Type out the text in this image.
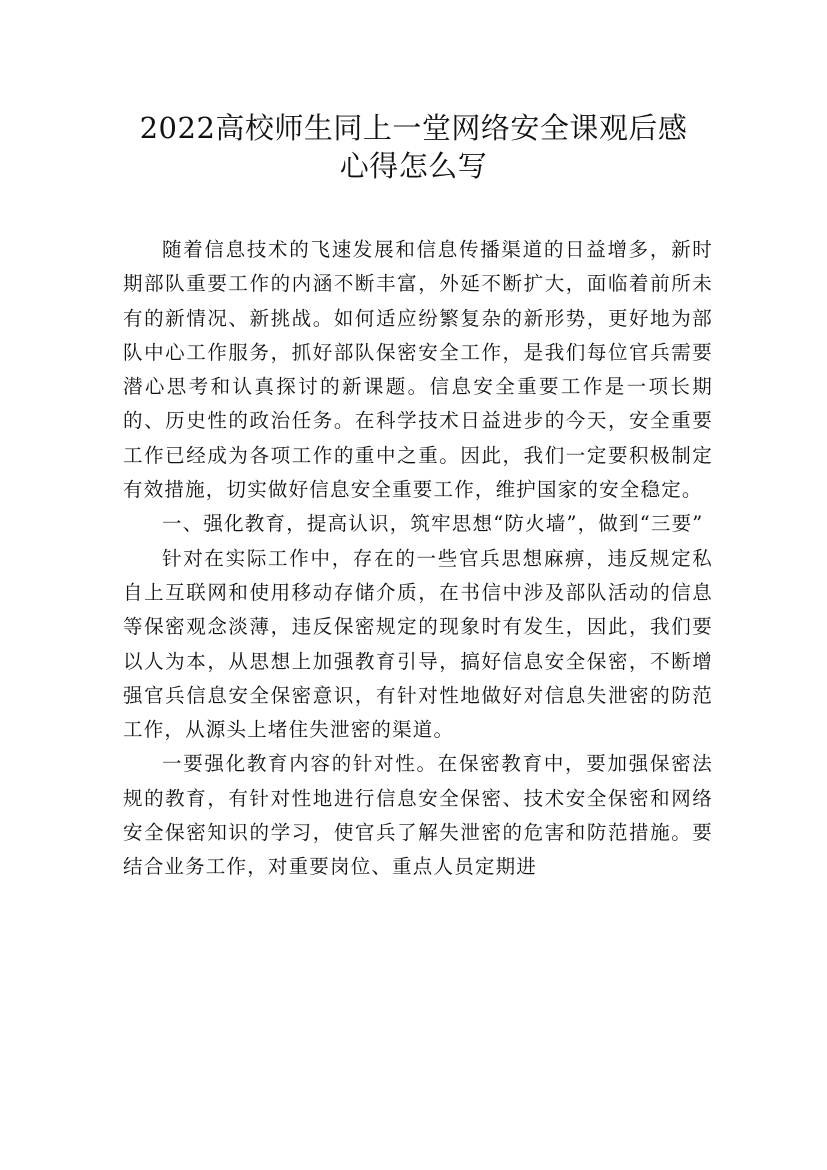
2022高校师生同上一堂网络安全课观后感
心得怎么写

随着信息技术的飞速发展和信息传播渠道的日益增多，新时期部队重要工作的内涵不断丰富，外延不断扩大，面临着前所未有的新情况、新挑战。如何适应纷繁复杂的新形势，更好地为部队中心工作服务，抓好部队保密安全工作，是我们每位官兵需要潜心思考和认真探讨的新课题。信息安全重要工作是一项长期的、历史性的政治任务。在科学技术日益进步的今天，安全重要工作已经成为各项工作的重中之重。因此，我们一定要积极制定有效措施，切实做好信息安全重要工作，维护国家的安全稳定。

一、强化教育，提高认识，筑牢思想“防火墙”，做到“三要”

针对在实际工作中，存在的一些官兵思想麻痹，违反规定私自上互联网和使用移动存储介质，在书信中涉及部队活动的信息等保密观念淡薄，违反保密规定的现象时有发生，因此，我们要以人为本，从思想上加强教育引导，搞好信息安全保密，不断增强官兵信息安全保密意识，有针对性地做好对信息失泄密的防范工作，从源头上堵住失泄密的渠道。

一要强化教育内容的针对性。在保密教育中，要加强保密法规的教育，有针对性地进行信息安全保密、技术安全保密和网络安全保密知识的学习，使官兵了解失泄密的危害和防范措施。要结合业务工作，对重要岗位、重点人员定期进
